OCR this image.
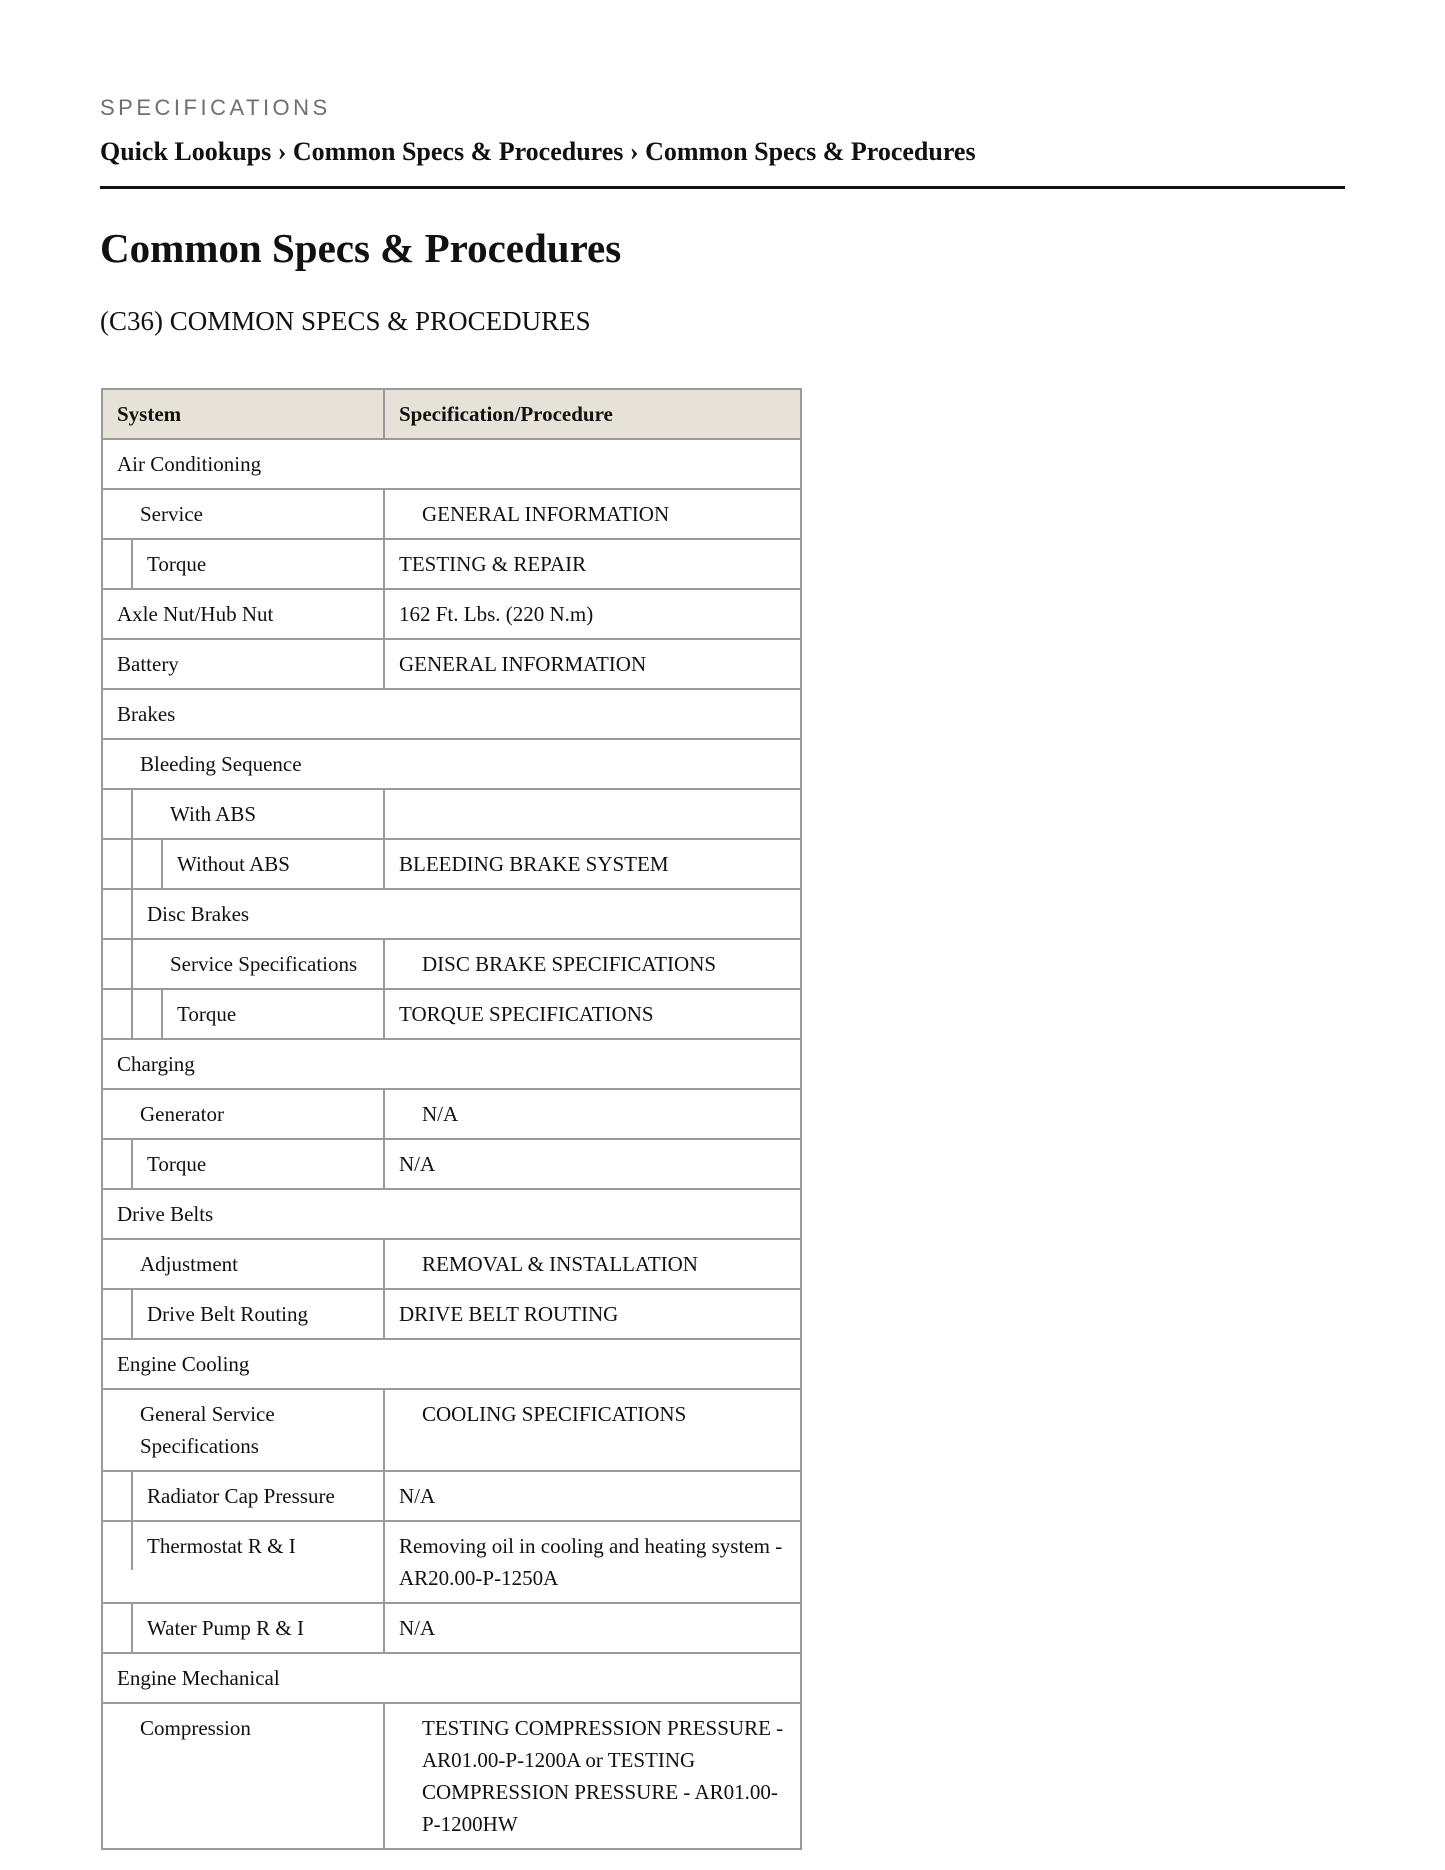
SPECIFICATIONS
Quick Lookups › Common Specs & Procedures › Common Specs & Procedures
Common Specs & Procedures
(C36) COMMON SPECS & PROCEDURES
System	Specification/Procedure

Air Conditioning	

Service	GENERAL INFORMATION

Torque	TESTING & REPAIR

Axle Nut/Hub Nut	162 Ft. Lbs. (220 N.m)

Battery	GENERAL INFORMATION

Brakes	

Bleeding Sequence	

With ABS	

Without ABS	BLEEDING BRAKE SYSTEM

Disc Brakes	

Service Specifications	DISC BRAKE SPECIFICATIONS

Torque	TORQUE SPECIFICATIONS

Charging	

Generator	N/A

Torque	N/A

Drive Belts	

Adjustment	REMOVAL & INSTALLATION

Drive Belt Routing	DRIVE BELT ROUTING

Engine Cooling	

General Service Specifications	COOLING SPECIFICATIONS

Radiator Cap Pressure	N/A

Thermostat R & I	Removing oil in cooling and heating system - AR20.00-P-1250A

Water Pump R & I	N/A

Engine Mechanical	

Compression	TESTING COMPRESSION PRESSURE - AR01.00-P-1200A or TESTING COMPRESSION PRESSURE - AR01.00-P-1200HW
